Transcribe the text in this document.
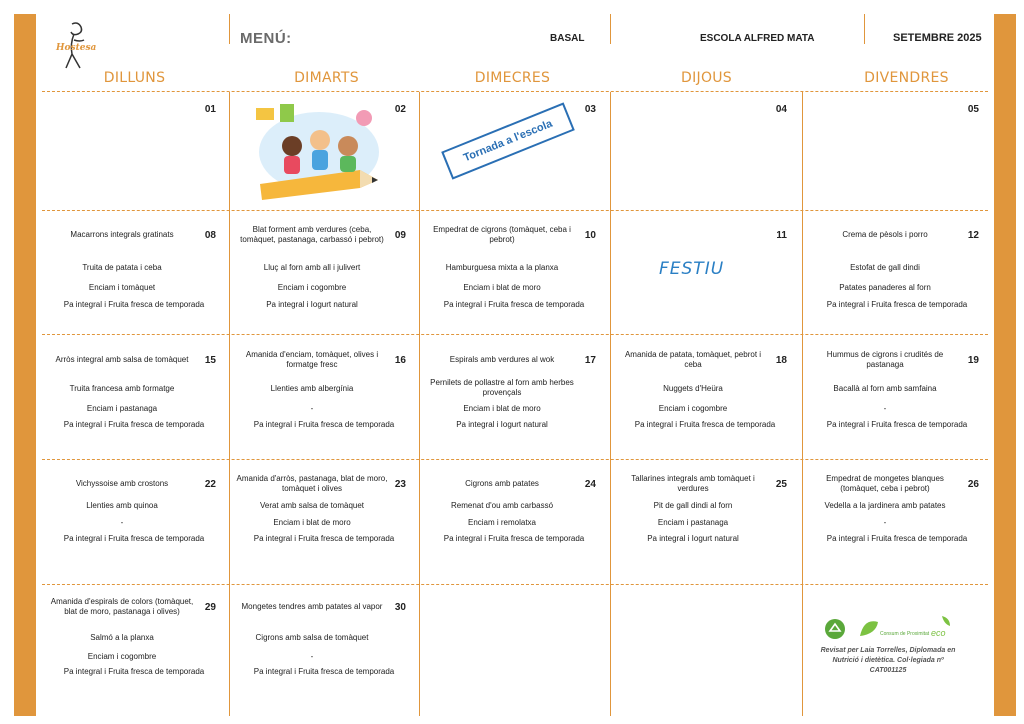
Hostesa
MENÚ:	BASAL	ESCOLA ALFRED MATA	SETEMBRE 2025
DILLUNS	DIMARTS	DIMECRES	DIJOUS	DIVENDRES
01	02	03
Tornada a l'escola
04	05
Macarrons integrals gratinats	08
Truita de patata i ceba
Enciam i tomàquet
Pa integral i Fruita fresca de temporada
Blat forment amb verdures (ceba, tomàquet, pastanaga, carbassó i pebrot)	09
Lluç al forn amb all i julivert
Enciam i cogombre
Pa integral i Iogurt natural
Empedrat de cigrons (tomàquet, ceba i pebrot)	10
Hamburguesa mixta a la planxa
Enciam i blat de moro
Pa integral i Fruita fresca de temporada
11
FESTIU
Crema de pèsols i porro	12
Estofat de gall dindi
Patates panaderes al forn
Pa integral i Fruita fresca de temporada
Arròs integral amb salsa de tomàquet	15
Truita francesa amb formatge
Enciam i pastanaga
Pa integral i Fruita fresca de temporada
Amanida d'enciam, tomàquet, olives i formatge fresc	16
Llenties amb albergínia
-
Pa integral i Fruita fresca de temporada
Espirals amb verdures al wok	17
Pernilets de pollastre al forn amb herbes provençals
Enciam i blat de moro
Pa integral i Iogurt natural
Amanida de patata, tomàquet, pebrot i ceba	18
Nuggets d'Heüra
Enciam i cogombre
Pa integral i Fruita fresca de temporada
Hummus de cigrons i crudités de pastanaga	19
Bacallà al forn amb samfaina
-
Pa integral i Fruita fresca de temporada
Vichyssoise amb crostons	22
Llenties amb quinoa
-
Pa integral i Fruita fresca de temporada
Amanida d'arròs, pastanaga, blat de moro, tomàquet i olives	23
Verat amb salsa de tomàquet
Enciam i blat de moro
Pa integral i Fruita fresca de temporada
Cigrons amb patates	24
Remenat d'ou amb carbassó
Enciam i remolatxa
Pa integral i Fruita fresca de temporada
Tallarines integrals amb tomàquet i verdures	25
Pit de gall dindi al forn
Enciam i pastanaga
Pa integral i Iogurt natural
Empedrat de mongetes blanques (tomàquet, ceba i pebrot)	26
Vedella a la jardinera amb patates
-
Pa integral i Fruita fresca de temporada
Amanida d'espirals de colors (tomàquet, blat de moro, pastanaga i olives)	29
Salmó a la planxa
Enciam i cogombre
Pa integral i Fruita fresca de temporada
Mongetes tendres amb patates al vapor	30
Cigrons amb salsa de tomàquet
-
Pa integral i Fruita fresca de temporada
Consum de Proximitat eco
Revisat per Laia Torrelles, Diplomada en Nutrició i dietètica. Col·legiada nº CAT001125
